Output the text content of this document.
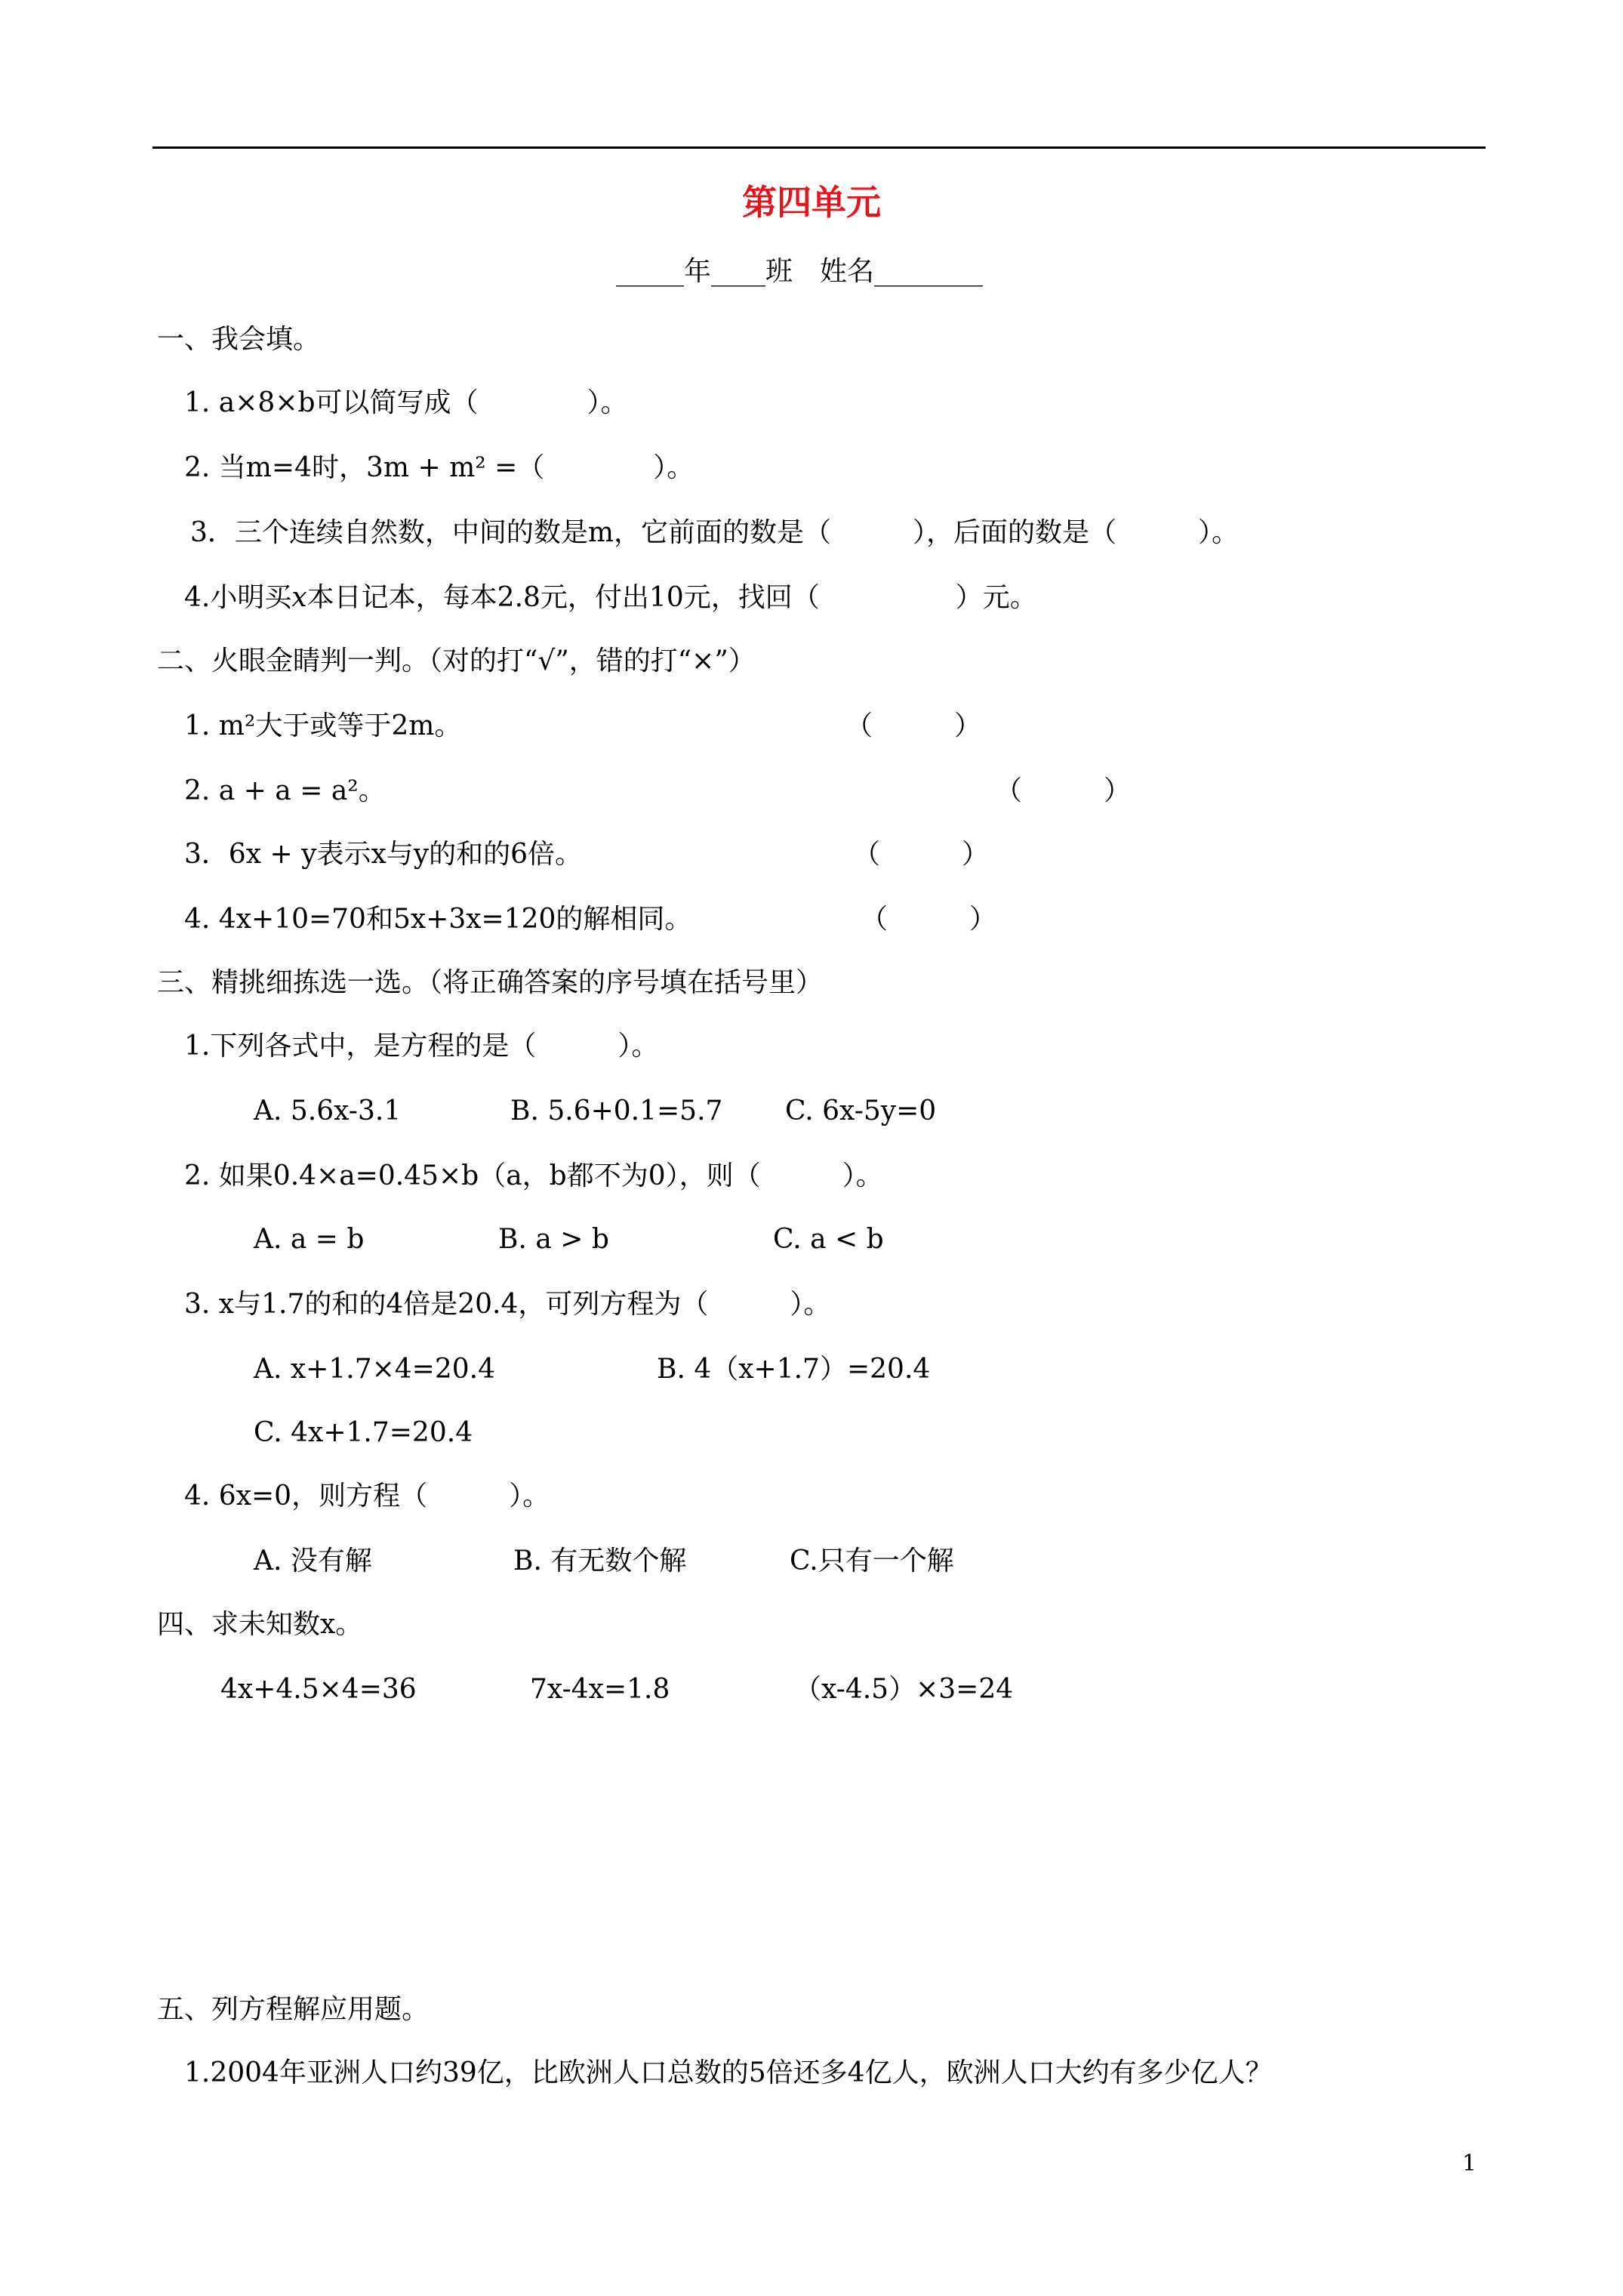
第四单元
_____年____班　姓名________
一、我会填。
1. a×8×b可以简写成（　　　　）。
2. 当m=4时，3m + m² =（　　　　）。
3．三个连续自然数，中间的数是m，它前面的数是（　　　），后面的数是（　　　）。
4.小明买x本日记本，每本2.8元，付出10元，找回（　　　　　）元。
二、火眼金睛判一判。（对的打“√”，错的打“×”）
1. m²大于或等于2m。	（　　　）
2. a + a = a²。	（　　　）
3．6x + y表示x与y的和的6倍。	（　　　）
4. 4x+10=70和5x+3x=120的解相同。	（　　　）
三、精挑细拣选一选。（将正确答案的序号填在括号里）
1.下列各式中，是方程的是（　　　）。
A. 5.6x-3.1	B. 5.6+0.1=5.7 C. 6x-5y=0
2. 如果0.4×a=0.45×b（a，b都不为0），则（　　　）。
A. a = b	B. a > b	C. a < b
3. x与1.7的和的4倍是20.4，可列方程为（　　　）。
A. x+1.7×4=20.4	B. 4（x+1.7）=20.4
C. 4x+1.7=20.4
4. 6x=0，则方程（　　　）。
A. 没有解	B. 有无数个解	C.只有一个解
四、求未知数x。
4x+4.5×4=36	7x-4x=1.8	（x-4.5）×3=24
五、列方程解应用题。
1.2004年亚洲人口约39亿，比欧洲人口总数的5倍还多4亿人，欧洲人口大约有多少亿人？
1
